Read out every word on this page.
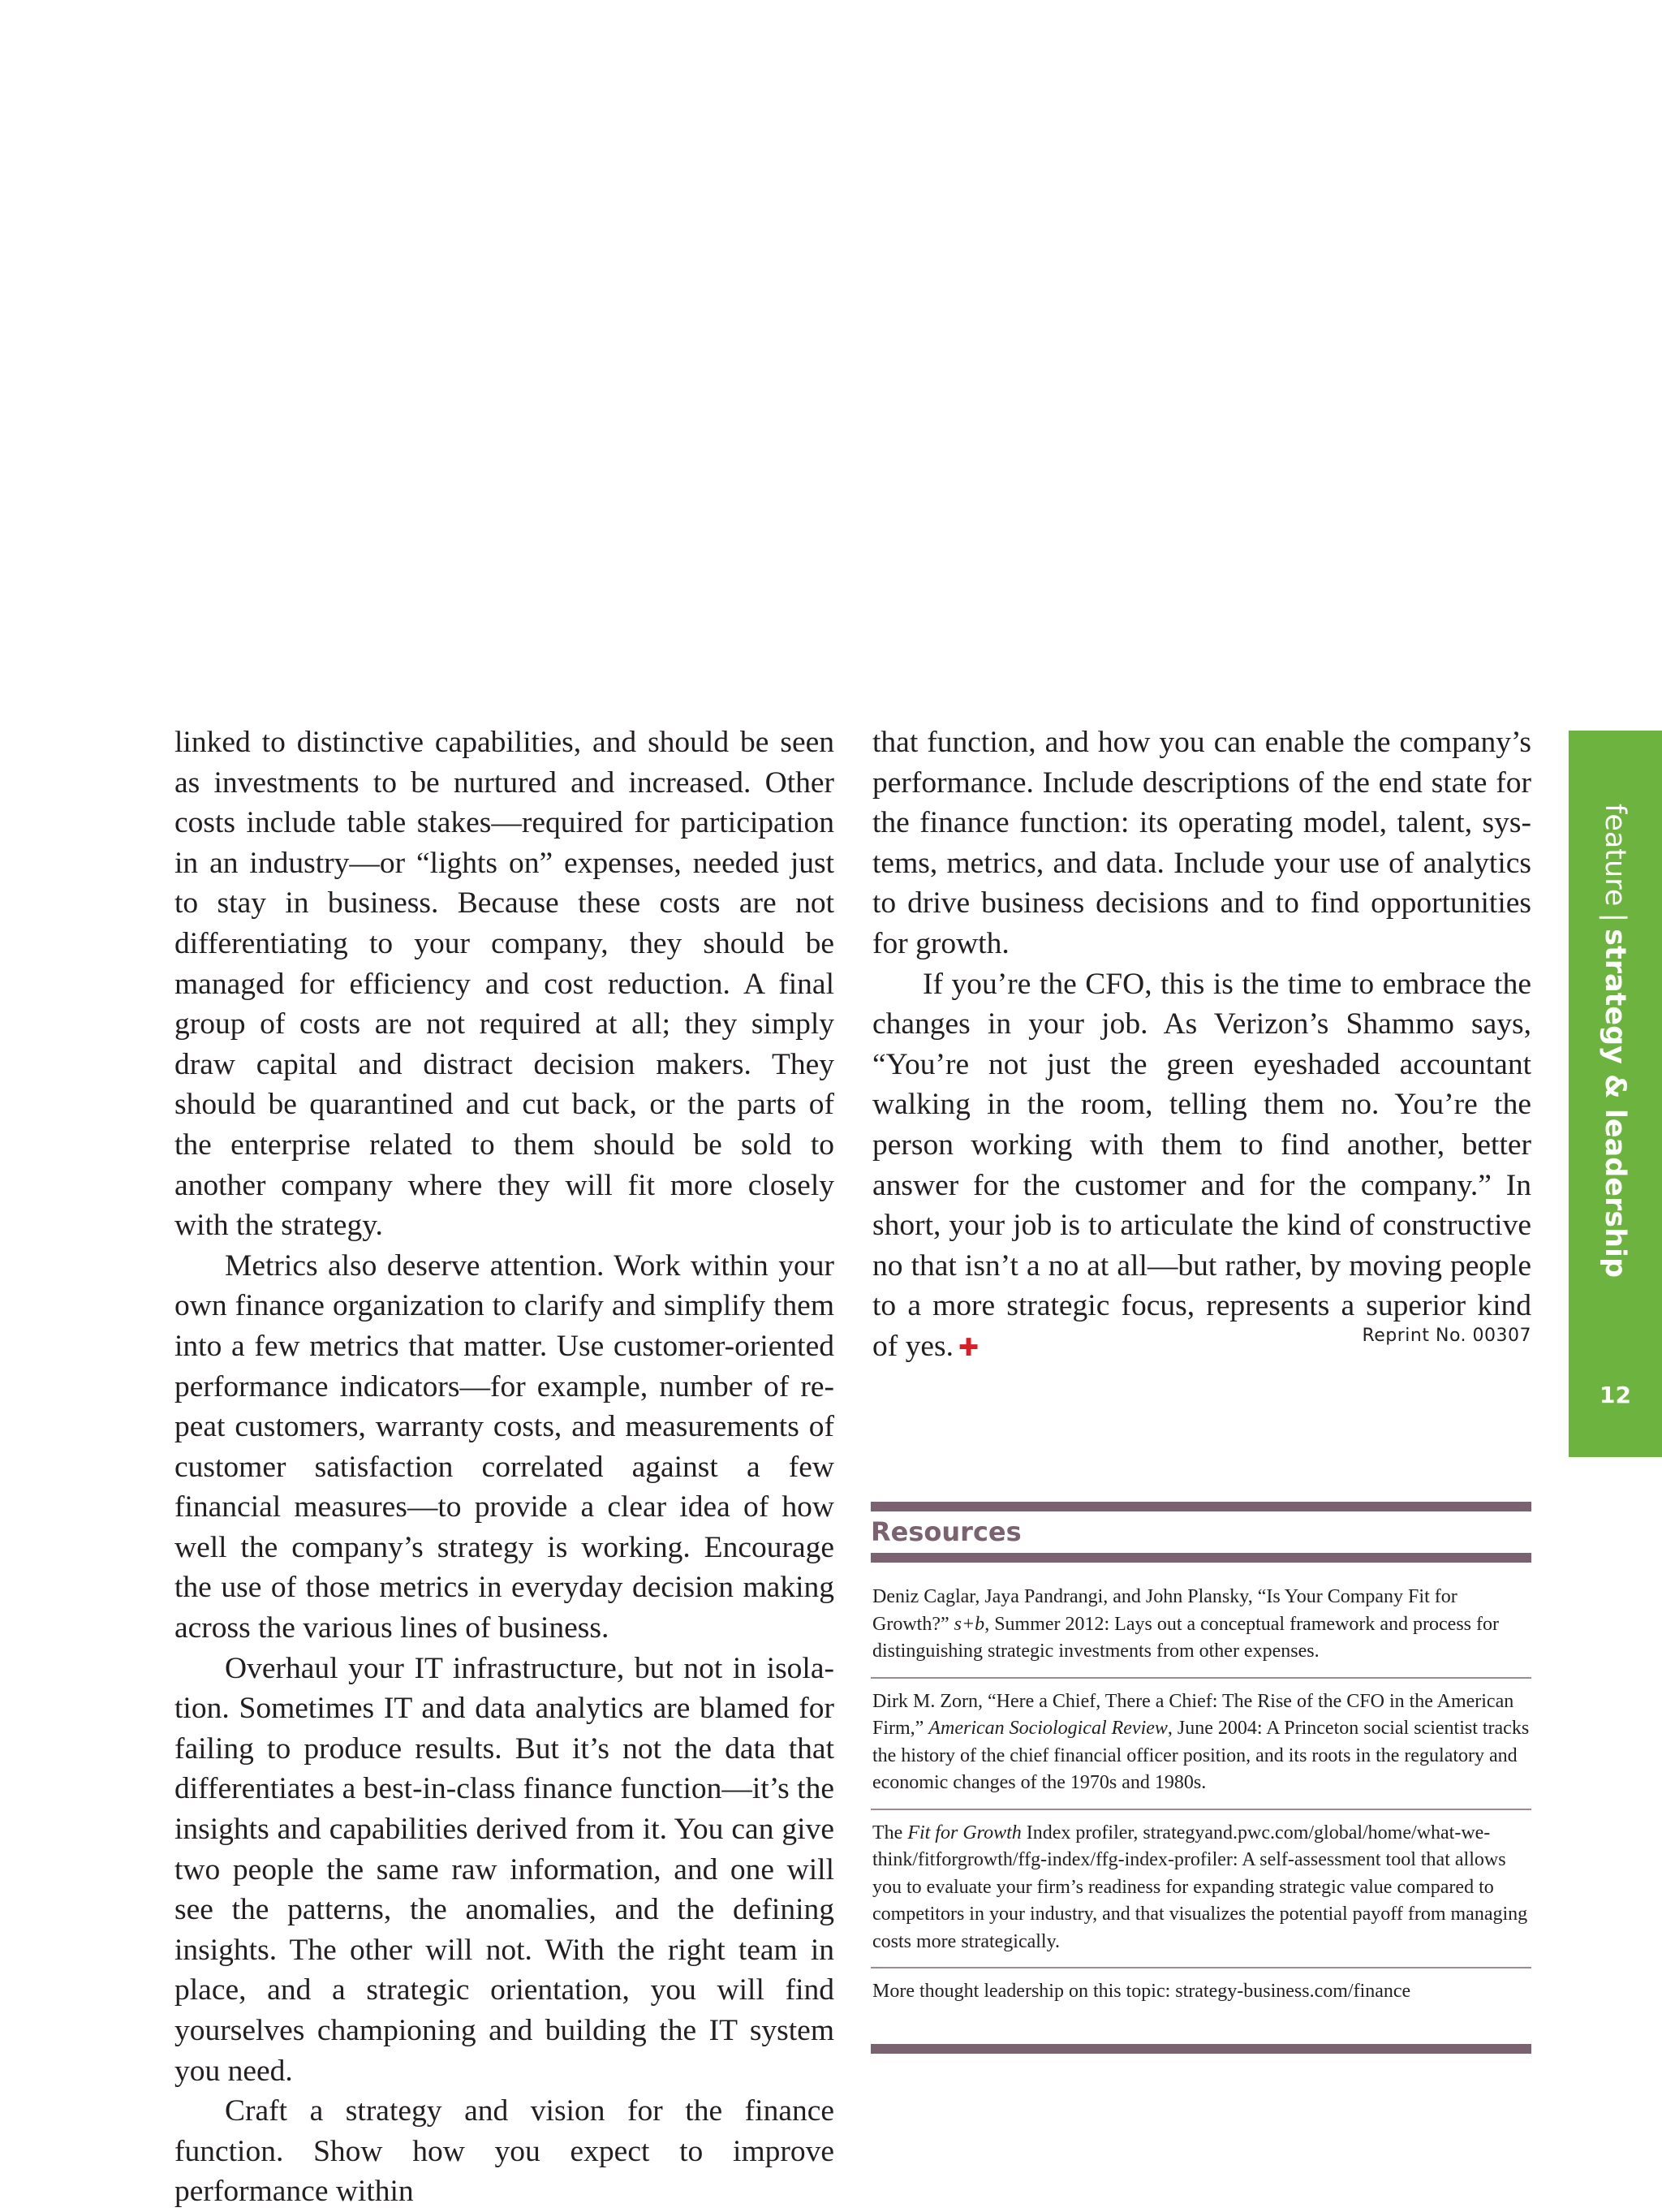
linked to distinctive capabilities, and should be seen as investments to be nurtured and increased. Other costs include table stakes—required for participation in an industry—or “lights on” expenses, needed just to stay in business. Because these costs are not differentiating to your company, they should be managed for efficiency and cost reduction. A final group of costs are not required at all; they simply draw capital and distract decision makers. They should be quarantined and cut back, or the parts of the enterprise related to them should be sold to another company where they will fit more closely with the strategy.

Metrics also deserve attention. Work within your own finance organization to clarify and simplify them into a few metrics that matter. Use customer-oriented performance indicators—for example, number of repeat customers, warranty costs, and measurements of customer satisfaction correlated against a few financial measures—to provide a clear idea of how well the company’s strategy is working. Encourage the use of those metrics in everyday decision making across the various lines of business.

Overhaul your IT infrastructure, but not in isolation. Sometimes IT and data analytics are blamed for failing to produce results. But it’s not the data that differentiates a best-in-class finance function—it’s the insights and capabilities derived from it. You can give two people the same raw information, and one will see the patterns, the anomalies, and the defining insights. The other will not. With the right team in place, and a strategic orientation, you will find yourselves championing and building the IT system you need.

Craft a strategy and vision for the finance function. Show how you expect to improve performance within

that function, and how you can enable the company’s performance. Include descriptions of the end state for the finance function: its operating model, talent, systems, metrics, and data. Include your use of analytics to drive business decisions and to find opportunities for growth.

If you’re the CFO, this is the time to embrace the changes in your job. As Verizon’s Shammo says, “You’re not just the green eyeshaded accountant walking in the room, telling them no. You’re the person working with them to find another, better answer for the customer and for the company.” In short, your job is to articulate the kind of constructive no that isn’t a no at all—but rather, by moving people to a more strategic focus, represents a superior kind of yes. ✚	Reprint No. 00307
feature
|
strategy & leadership
12
Resources
Deniz Caglar, Jaya Pandrangi, and John Plansky, “Is Your Company Fit for Growth?” s+b, Summer 2012: Lays out a conceptual framework and process for distinguishing strategic investments from other expenses.
Dirk M. Zorn, “Here a Chief, There a Chief: The Rise of the CFO in the American Firm,” American Sociological Review, June 2004: A Princeton social scientist tracks the history of the chief financial officer position, and its roots in the regulatory and economic changes of the 1970s and 1980s.
The Fit for Growth Index profiler, strategyand.pwc.com/global/home/what-we-think/fitforgrowth/ffg-index/ffg-index-profiler: A self-assessment tool that allows you to evaluate your firm’s readiness for expanding strategic value compared to competitors in your industry, and that visualizes the potential payoff from managing costs more strategically.
More thought leadership on this topic: strategy-business.com/finance
